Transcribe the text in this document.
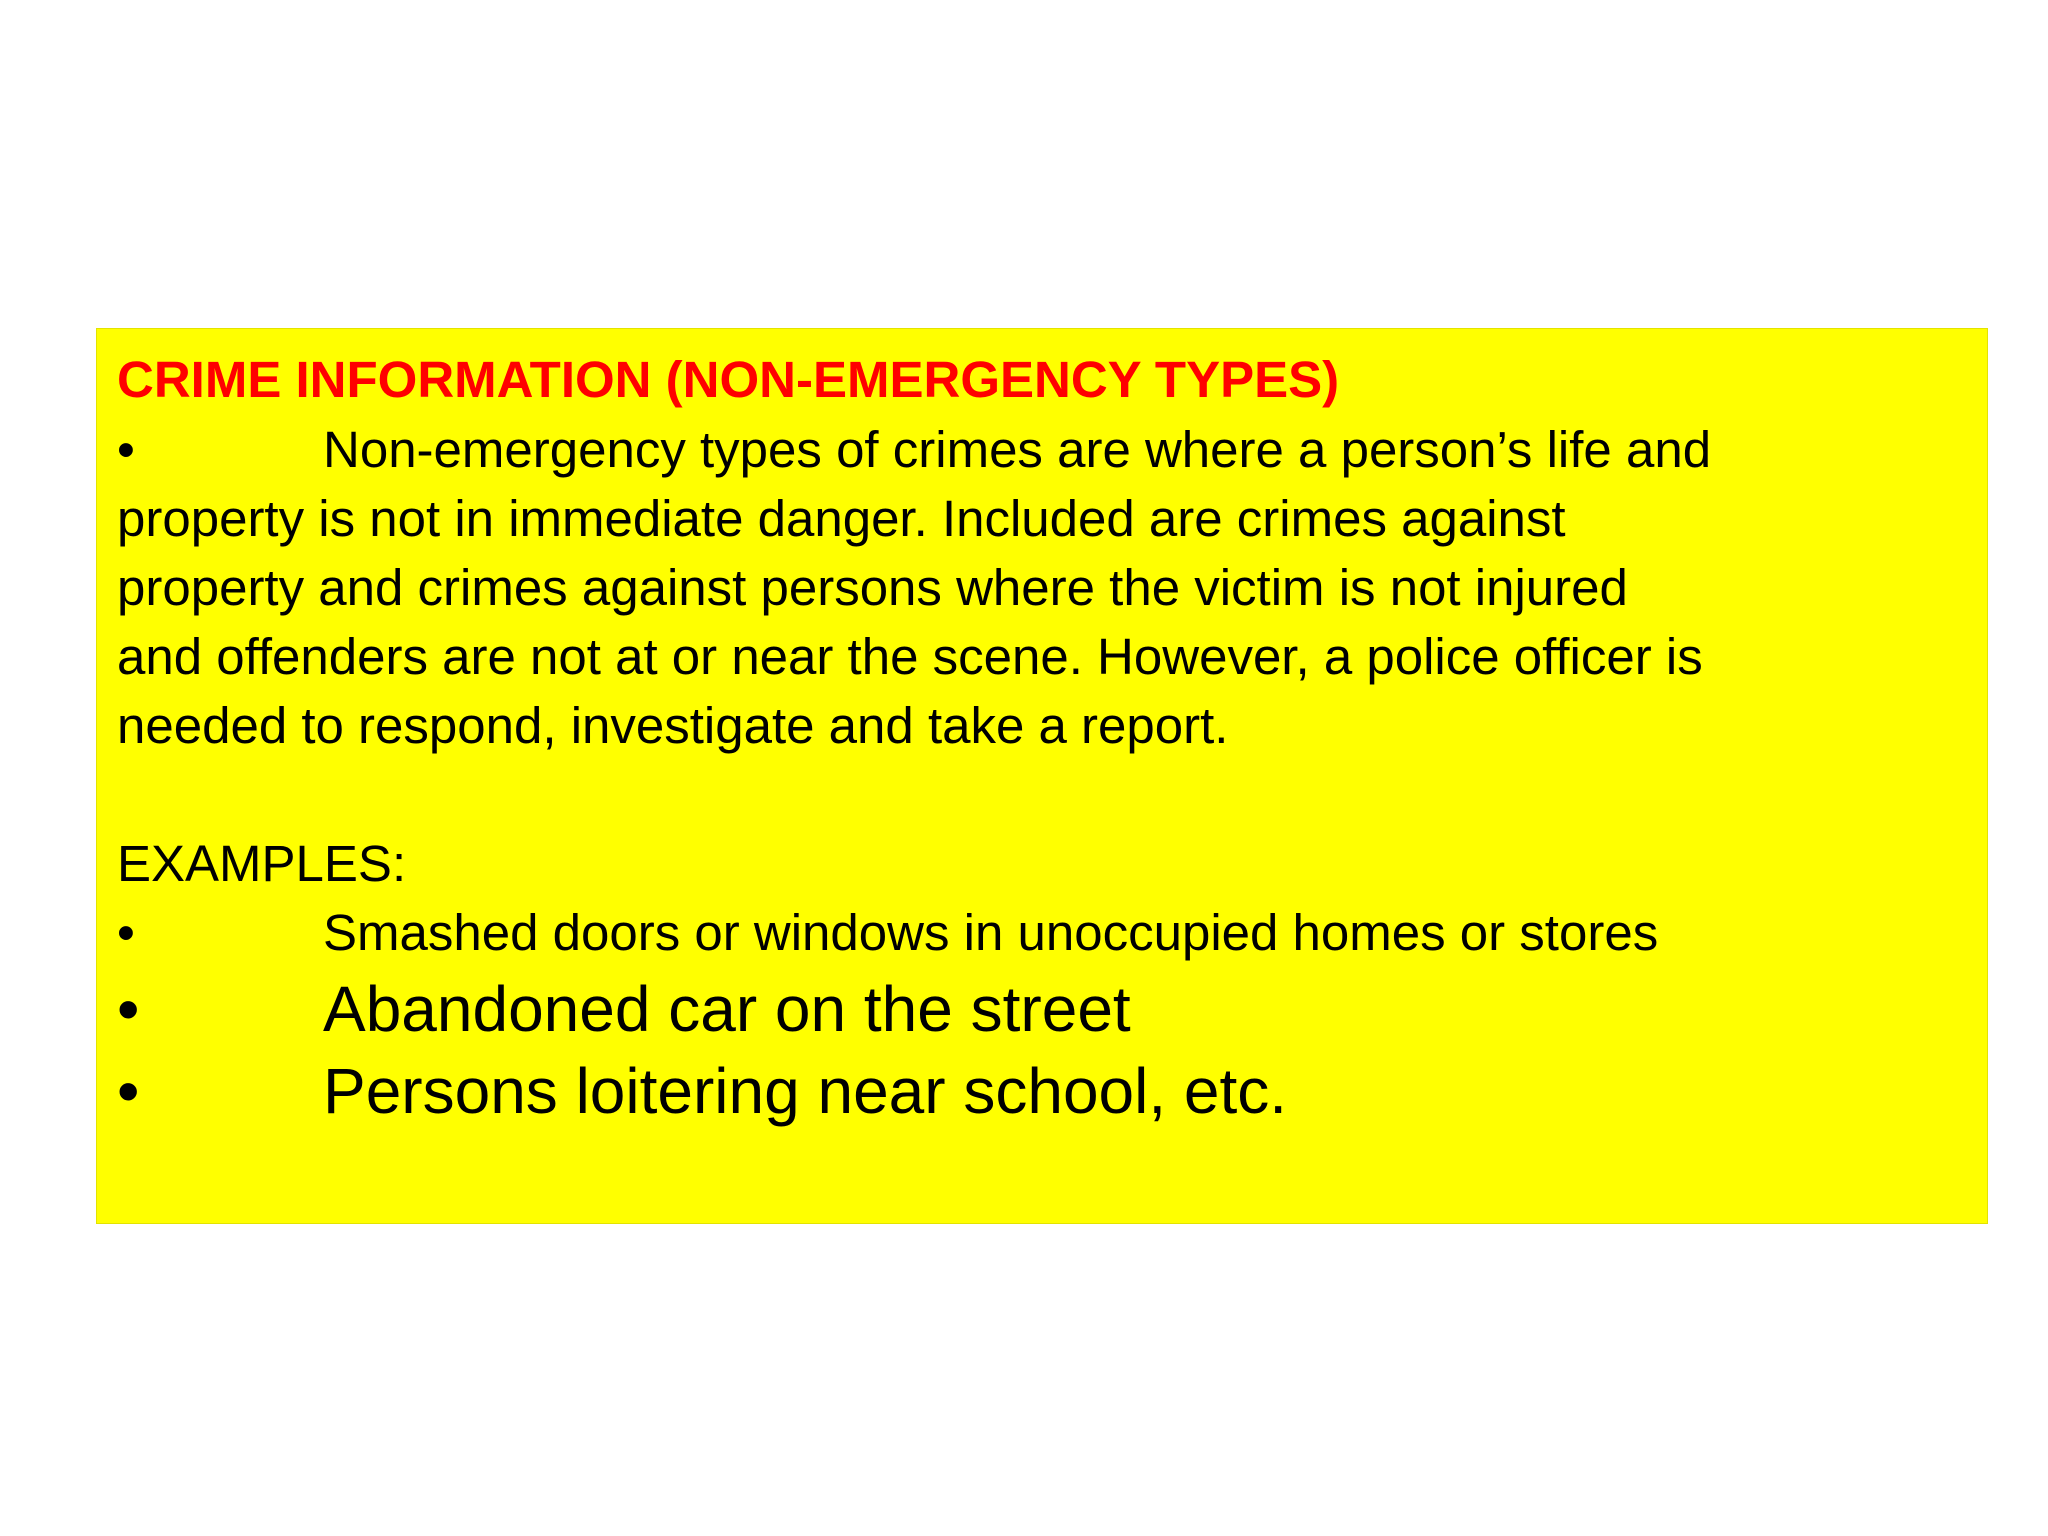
CRIME INFORMATION (NON-EMERGENCY TYPES)

•	Non-emergency types of crimes are where a person’s life and

property is not in immediate danger. Included are crimes against

property and crimes against persons where the victim is not injured

and offenders are not at or near the scene. However, a police officer is

needed to respond, investigate and take a report.

EXAMPLES:

•	Smashed doors or windows in unoccupied homes or stores
•	Abandoned car on the street
•	Persons loitering near school, etc.
